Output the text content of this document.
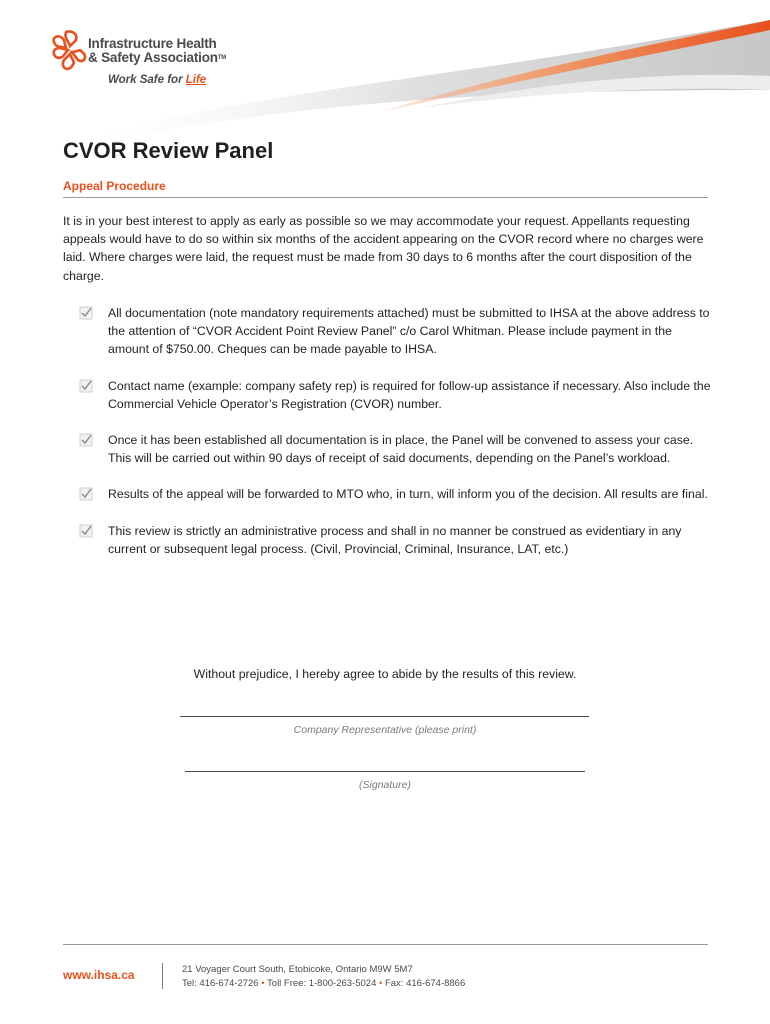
Infrastructure Health
& Safety Association™
Work Safe for Life
CVOR Review Panel
Appeal Procedure
It is in your best interest to apply as early as possible so we may accommodate your request. Appellants requesting appeals would have to do so within six months of the accident appearing on the CVOR record where no charges were laid. Where charges were laid, the request must be made from 30 days to 6 months after the court disposition of the charge.
All documentation (note mandatory requirements attached) must be submitted to IHSA at the above address to the attention of “CVOR Accident Point Review Panel” c/o Carol Whitman. Please include payment in the amount of $750.00. Cheques can be made payable to IHSA.
Contact name (example: company safety rep) is required for follow-up assistance if necessary. Also include the Commercial Vehicle Operator’s Registration (CVOR) number.
Once it has been established all documentation is in place, the Panel will be convened to assess your case. This will be carried out within 90 days of receipt of said documents, depending on the Panel’s workload.
Results of the appeal will be forwarded to MTO who, in turn, will inform you of the decision. All results are final.
This review is strictly an administrative process and shall in no manner be construed as evidentiary in any current or subsequent legal process. (Civil, Provincial, Criminal, Insurance, LAT, etc.)
Without prejudice, I hereby agree to abide by the results of this review.
Company Representative (please print)
(Signature)
www.ihsa.ca	21 Voyager Court South, Etobicoke, Ontario M9W 5M7
Tel: 416-674-2726 • Toll Free: 1-800-263-5024 • Fax: 416-674-8866
